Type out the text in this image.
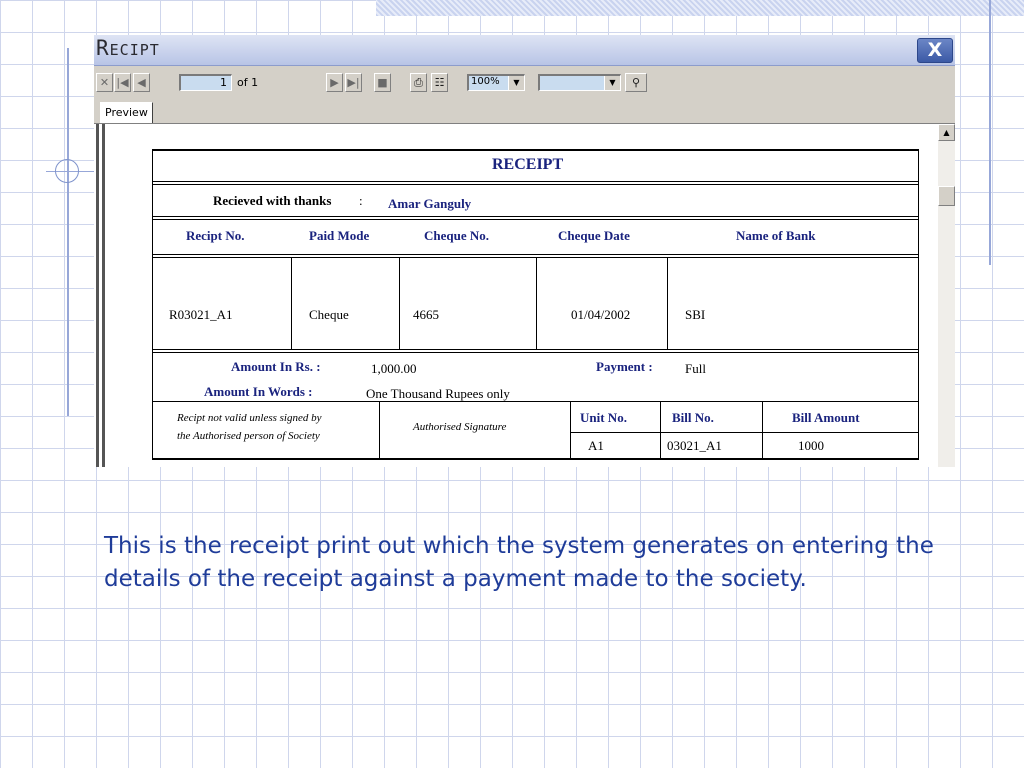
Recipt	X
✕ |◀ ◀	1 of 1	▶ ▶| ■	⎙	☷	100%	▼	▼	⚲
Preview
▲
RECEIPT
Recieved with thanks : Amar Ganguly
Recipt No.	Paid Mode	Cheque No.	Cheque Date	Name of Bank
R03021_A1	Cheque	4665	01/04/2002	SBI
Amount In Rs. :	1,000.00	Payment : Full
Amount In Words :	One Thousand Rupees only
Recipt not valid unless signed by
the Authorised person of Society
Authorised Signature
Unit No.	Bill No.	Bill Amount
A1	03021_A1	1000
This is the receipt print out which the system generates on entering the details of the receipt against a payment made to the society.
